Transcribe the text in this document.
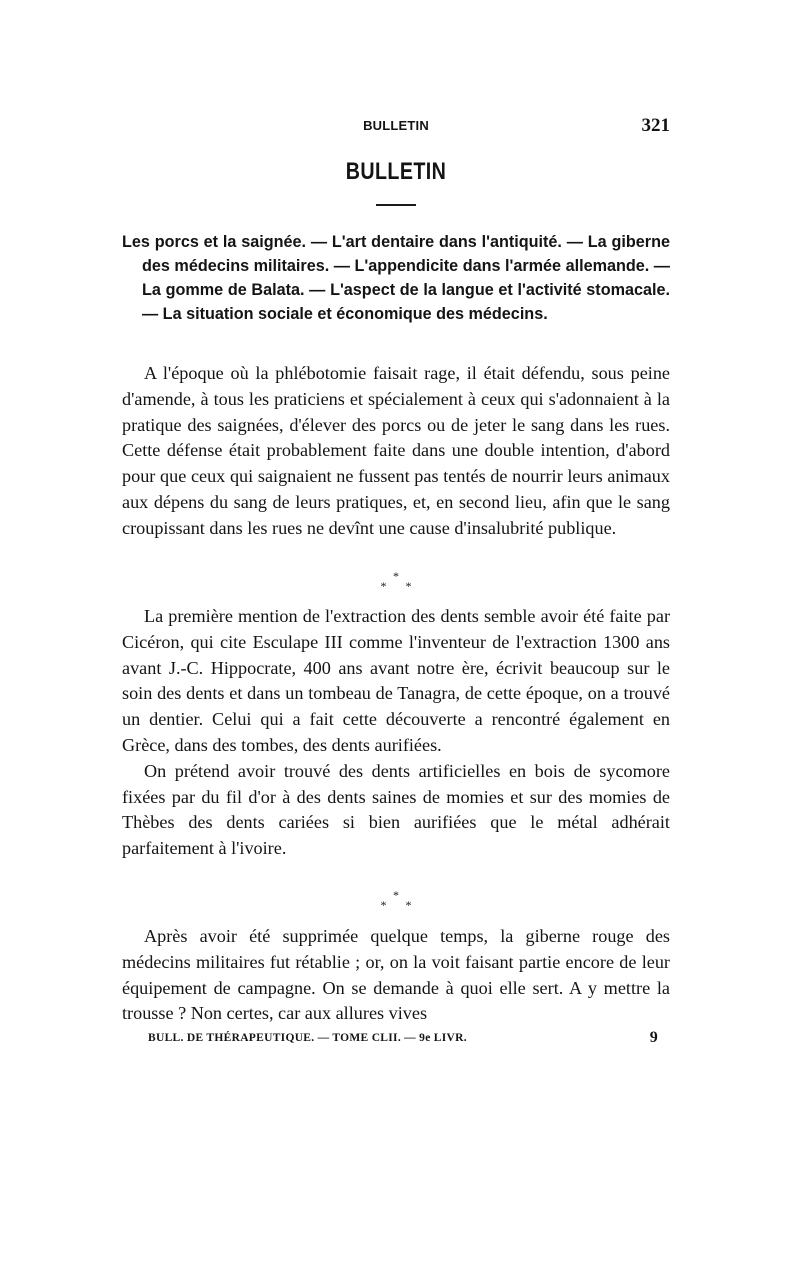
BULLETIN	321
BULLETIN
Les porcs et la saignée. — L'art dentaire dans l'antiquité. — La giberne des médecins militaires. — L'appendicite dans l'armée allemande. — La gomme de Balata. — L'aspect de la langue et l'activité stomacale. — La situation sociale et économique des médecins.

A l'époque où la phlébotomie faisait rage, il était défendu, sous peine d'amende, à tous les praticiens et spécialement à ceux qui s'adonnaient à la pratique des saignées, d'élever des porcs ou de jeter le sang dans les rues. Cette défense était probablement faite dans une double intention, d'abord pour que ceux qui saignaient ne fussent pas tentés de nourrir leurs animaux aux dépens du sang de leurs pratiques, et, en second lieu, afin que le sang croupissant dans les rues ne devînt une cause d'insalubrité publique.

*
* *

La première mention de l'extraction des dents semble avoir été faite par Cicéron, qui cite Esculape III comme l'inventeur de l'extraction 1300 ans avant J.-C. Hippocrate, 400 ans avant notre ère, écrivit beaucoup sur le soin des dents et dans un tombeau de Tanagra, de cette époque, on a trouvé un dentier. Celui qui a fait cette découverte a rencontré également en Grèce, dans des tombes, des dents aurifiées.

On prétend avoir trouvé des dents artificielles en bois de sycomore fixées par du fil d'or à des dents saines de momies et sur des momies de Thèbes des dents cariées si bien aurifiées que le métal adhérait parfaitement à l'ivoire.

*
* *

Après avoir été supprimée quelque temps, la giberne rouge des médecins militaires fut rétablie ; or, on la voit faisant partie encore de leur équipement de campagne. On se demande à quoi elle sert. A y mettre la trousse ? Non certes, car aux allures vives

BULL. DE THÉRAPEUTIQUE. — TOME CLII. — 9e LIVR.	9
